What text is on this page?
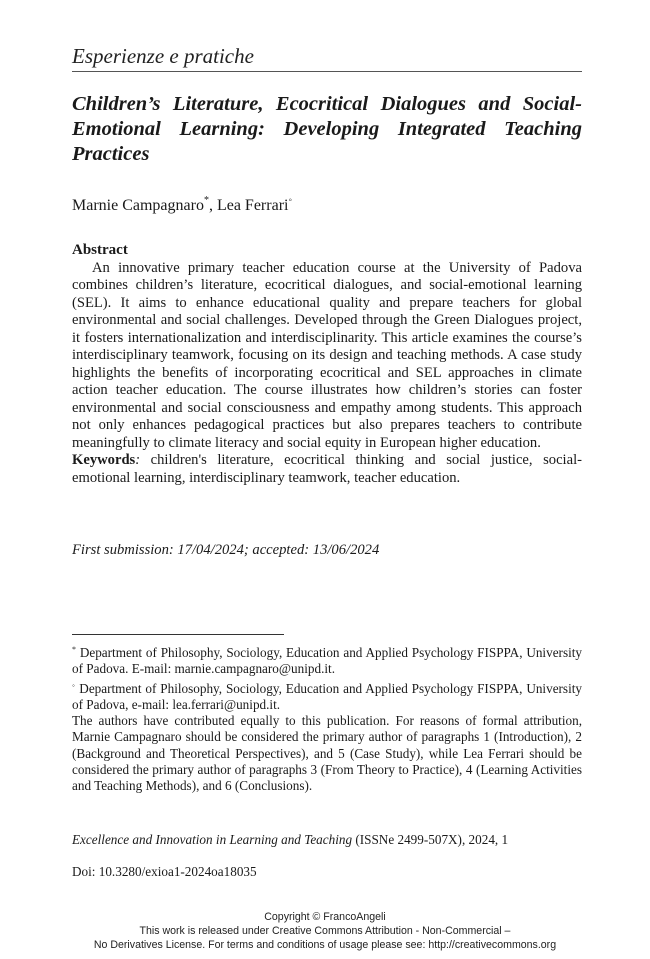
Esperienze e pratiche
Children’s Literature, Ecocritical Dialogues and Social-Emotional Learning: Developing Integrated Teaching Practices
Marnie Campagnaro*, Lea Ferrari◦
Abstract
An innovative primary teacher education course at the University of Padova combines children’s literature, ecocritical dialogues, and social-emotional learning (SEL). It aims to enhance educational quality and prepare teachers for global environmental and social challenges. Developed through the Green Dialogues project, it fosters internationalization and interdisciplinarity. This article examines the course’s interdisciplinary teamwork, focusing on its design and teaching methods. A case study highlights the benefits of incorporating ecocritical and SEL approaches in climate action teacher education. The course illustrates how children’s stories can foster environmental and social consciousness and empathy among students. This approach not only enhances pedagogical practices but also prepares teachers to contribute meaningfully to climate literacy and social equity in European higher education.
Keywords: children's literature, ecocritical thinking and social justice, social-emotional learning, interdisciplinary teamwork, teacher education.
First submission: 17/04/2024; accepted: 13/06/2024

* Department of Philosophy, Sociology, Education and Applied Psychology FISPPA, University of Padova. E-mail: marnie.campagnaro@unipd.it.

◦ Department of Philosophy, Sociology, Education and Applied Psychology FISPPA, University of Padova, e-mail: lea.ferrari@unipd.it.

The authors have contributed equally to this publication. For reasons of formal attribution, Marnie Campagnaro should be considered the primary author of paragraphs 1 (Introduction), 2 (Background and Theoretical Perspectives), and 5 (Case Study), while Lea Ferrari should be considered the primary author of paragraphs 3 (From Theory to Practice), 4 (Learning Activities and Teaching Methods), and 6 (Conclusions).

Excellence and Innovation in Learning and Teaching (ISSNe 2499-507X), 2024, 1
Doi: 10.3280/exioa1-2024oa18035
Copyright © FrancoAngeli
This work is released under Creative Commons Attribution - Non-Commercial –
No Derivatives License. For terms and conditions of usage please see: http://creativecommons.org
